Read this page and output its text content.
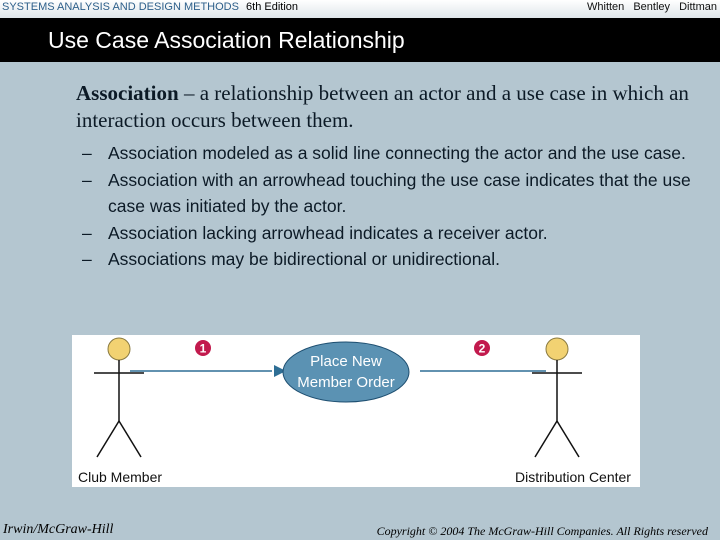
SYSTEMS ANALYSIS AND DESIGN METHODS 6th Edition	Whitten Bentley Dittman
Use Case Association Relationship
Association – a relationship between an actor and a use case in which an interaction occurs between them.
– Association modeled as a solid line connecting the actor and the use case.
– Association with an arrowhead touching the use case indicates that the use case was initiated by the actor.
– Association lacking arrowhead indicates a receiver actor.
– Associations may be bidirectional or unidirectional.
Place New
Member Order
1	2
Club Member	Distribution Center
Irwin/McGraw-Hill	Copyright © 2004 The McGraw-Hill Companies. All Rights reserved
